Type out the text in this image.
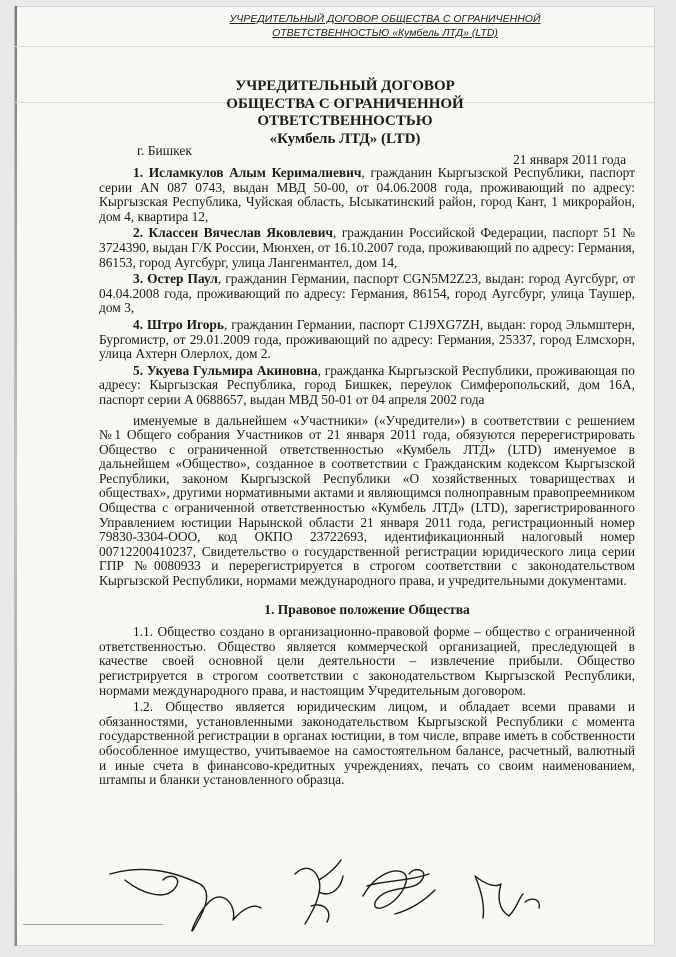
УЧРЕДИТЕЛЬНЫЙ ДОГОВОР ОБЩЕСТВА С ОГРАНИЧЕННОЙ ОТВЕТСТВЕННОСТЬЮ «Кумбель ЛТД» (LTD)
УЧРЕДИТЕЛЬНЫЙ ДОГОВОР
ОБЩЕСТВА С ОГРАНИЧЕННОЙ
ОТВЕТСТВЕННОСТЬЮ
«Кумбель ЛТД» (LTD)
г. Бишкек
21 января 2011 года

1. Исламкулов Алым Керималиевич, гражданин Кыргызской Республики, паспорт серии AN 087 0743, выдан МВД 50-00, от 04.06.2008 года, проживающий по адресу: Кыргызская Республика, Чуйская область, Ысыкатинский район, город Кант, 1 микрорайон, дом 4, квартира 12,

2. Классен Вячеслав Яковлевич, гражданин Российской Федерации, паспорт 51 № 3724390, выдан Г/К России, Мюнхен, от 16.10.2007 года, проживающий по адресу: Германия, 86153, город Аугсбург, улица Лангенмантел, дом 14,

3. Остер Паул, гражданин Германии, паспорт CGN5M2Z23, выдан: город Аугсбург, от 04.04.2008 года, проживающий по адресу: Германия, 86154, город Аугсбург, улица Таушер, дом 3,

4. Штро Игорь, гражданин Германии, паспорт C1J9XG7ZH, выдан: город Эльмштерн, Бургомистр, от 29.01.2009 года, проживающий по адресу: Германия, 25337, город Елмсхорн, улица Ахтерн Олерлох, дом 2.

5. Укуева Гульмира Акиновна, гражданка Кыргызской Республики, проживающая по адресу: Кыргызская Республика, город Бишкек, переулок Симферопольский, дом 16А, паспорт серии A 0688657, выдан МВД 50-01 от 04 апреля 2002 года

именуемые в дальнейшем «Участники» («Учредители») в соответствии с решением №1 Общего собрания Участников от 21 января 2011 года, обязуются перерегистрировать Общество с ограниченной ответственностью «Кумбель ЛТД» (LTD) именуемое в дальнейшем «Общество», созданное в соответствии с Гражданским кодексом Кыргызской Республики, законом Кыргызской Республики «О хозяйственных товариществах и обществах», другими нормативными актами и являющимся полноправным правопреемником Общества с ограниченной ответственностью «Кумбель ЛТД» (LTD), зарегистрированного Управлением юстиции Нарынской области 21 января 2011 года, регистрационный номер 79830-3304-ООО, код ОКПО 23722693, идентификационный налоговый номер 00712200410237, Свидетельство о государственной регистрации юридического лица серии ГПР №0080933 и перерегистрируется в строгом соответствии с законодательством Кыргызской Республики, нормами международного права, и учредительными документами.

1. Правовое положение Общества

1.1. Общество создано в организационно-правовой форме – общество с ограниченной ответственностью. Общество является коммерческой организацией, преследующей в качестве своей основной цели деятельности – извлечение прибыли. Общество регистрируется в строгом соответствии с законодательством Кыргызской Республики, нормами международного права, и настоящим Учредительным договором.

1.2. Общество является юридическим лицом, и обладает всеми правами и обязанностями, установленными законодательством Кыргызской Республики с момента государственной регистрации в органах юстиции, в том числе, вправе иметь в собственности обособленное имущество, учитываемое на самостоятельном балансе, расчетный, валютный и иные счета в финансово-кредитных учреждениях, печать со своим наименованием, штампы и бланки установленного образца.
